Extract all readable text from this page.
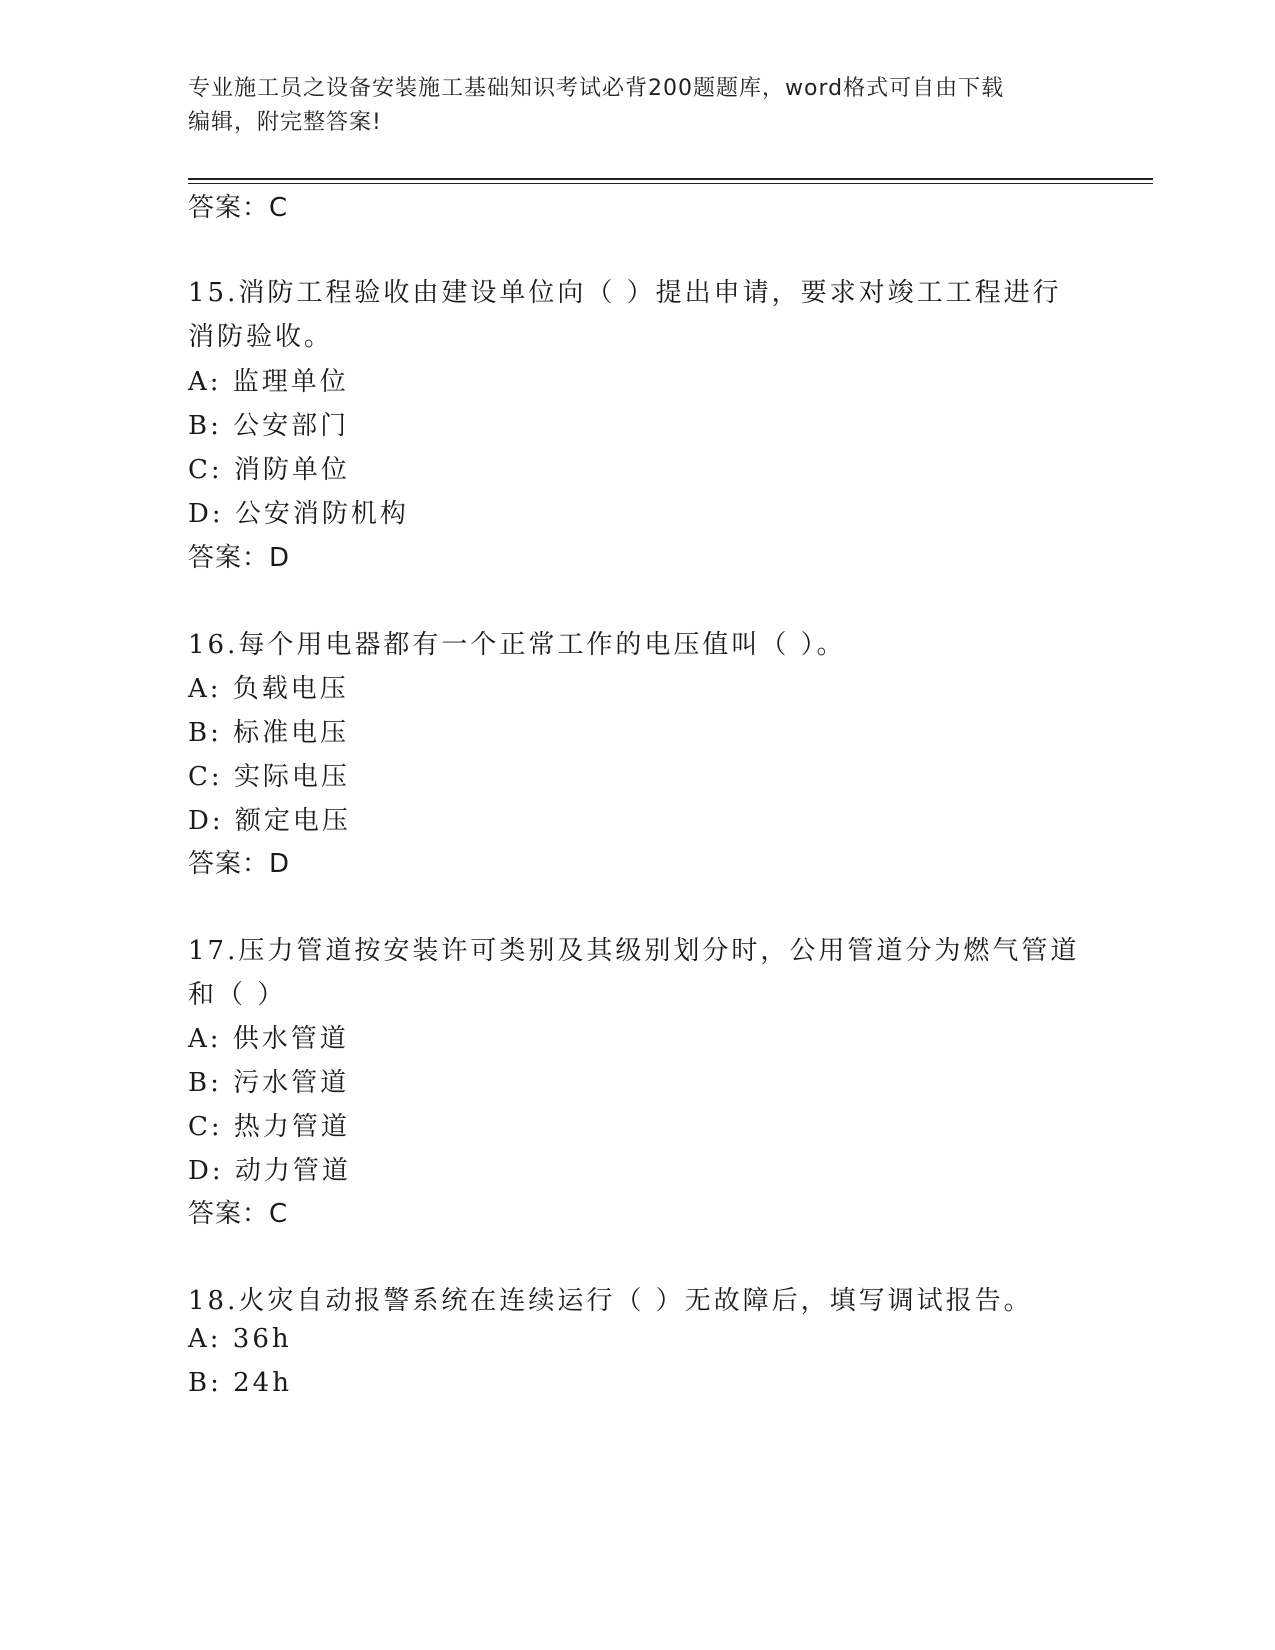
专业施工员之设备安装施工基础知识考试必背200题题库，word格式可自由下载
编辑，附完整答案!
答案：C
15.消防工程验收由建设单位向（ ）提出申请，要求对竣工工程进行
消防验收。
A: 监理单位
B: 公安部门
C: 消防单位
D: 公安消防机构
答案：D
16.每个用电器都有一个正常工作的电压值叫（ ）。
A: 负载电压
B: 标准电压
C: 实际电压
D: 额定电压
答案：D
17.压力管道按安装许可类别及其级别划分时，公用管道分为燃气管道
和（ ）
A: 供水管道
B: 污水管道
C: 热力管道
D: 动力管道
答案：C
18.火灾自动报警系统在连续运行（ ）无故障后，填写调试报告。
A: 36h
B: 24h
